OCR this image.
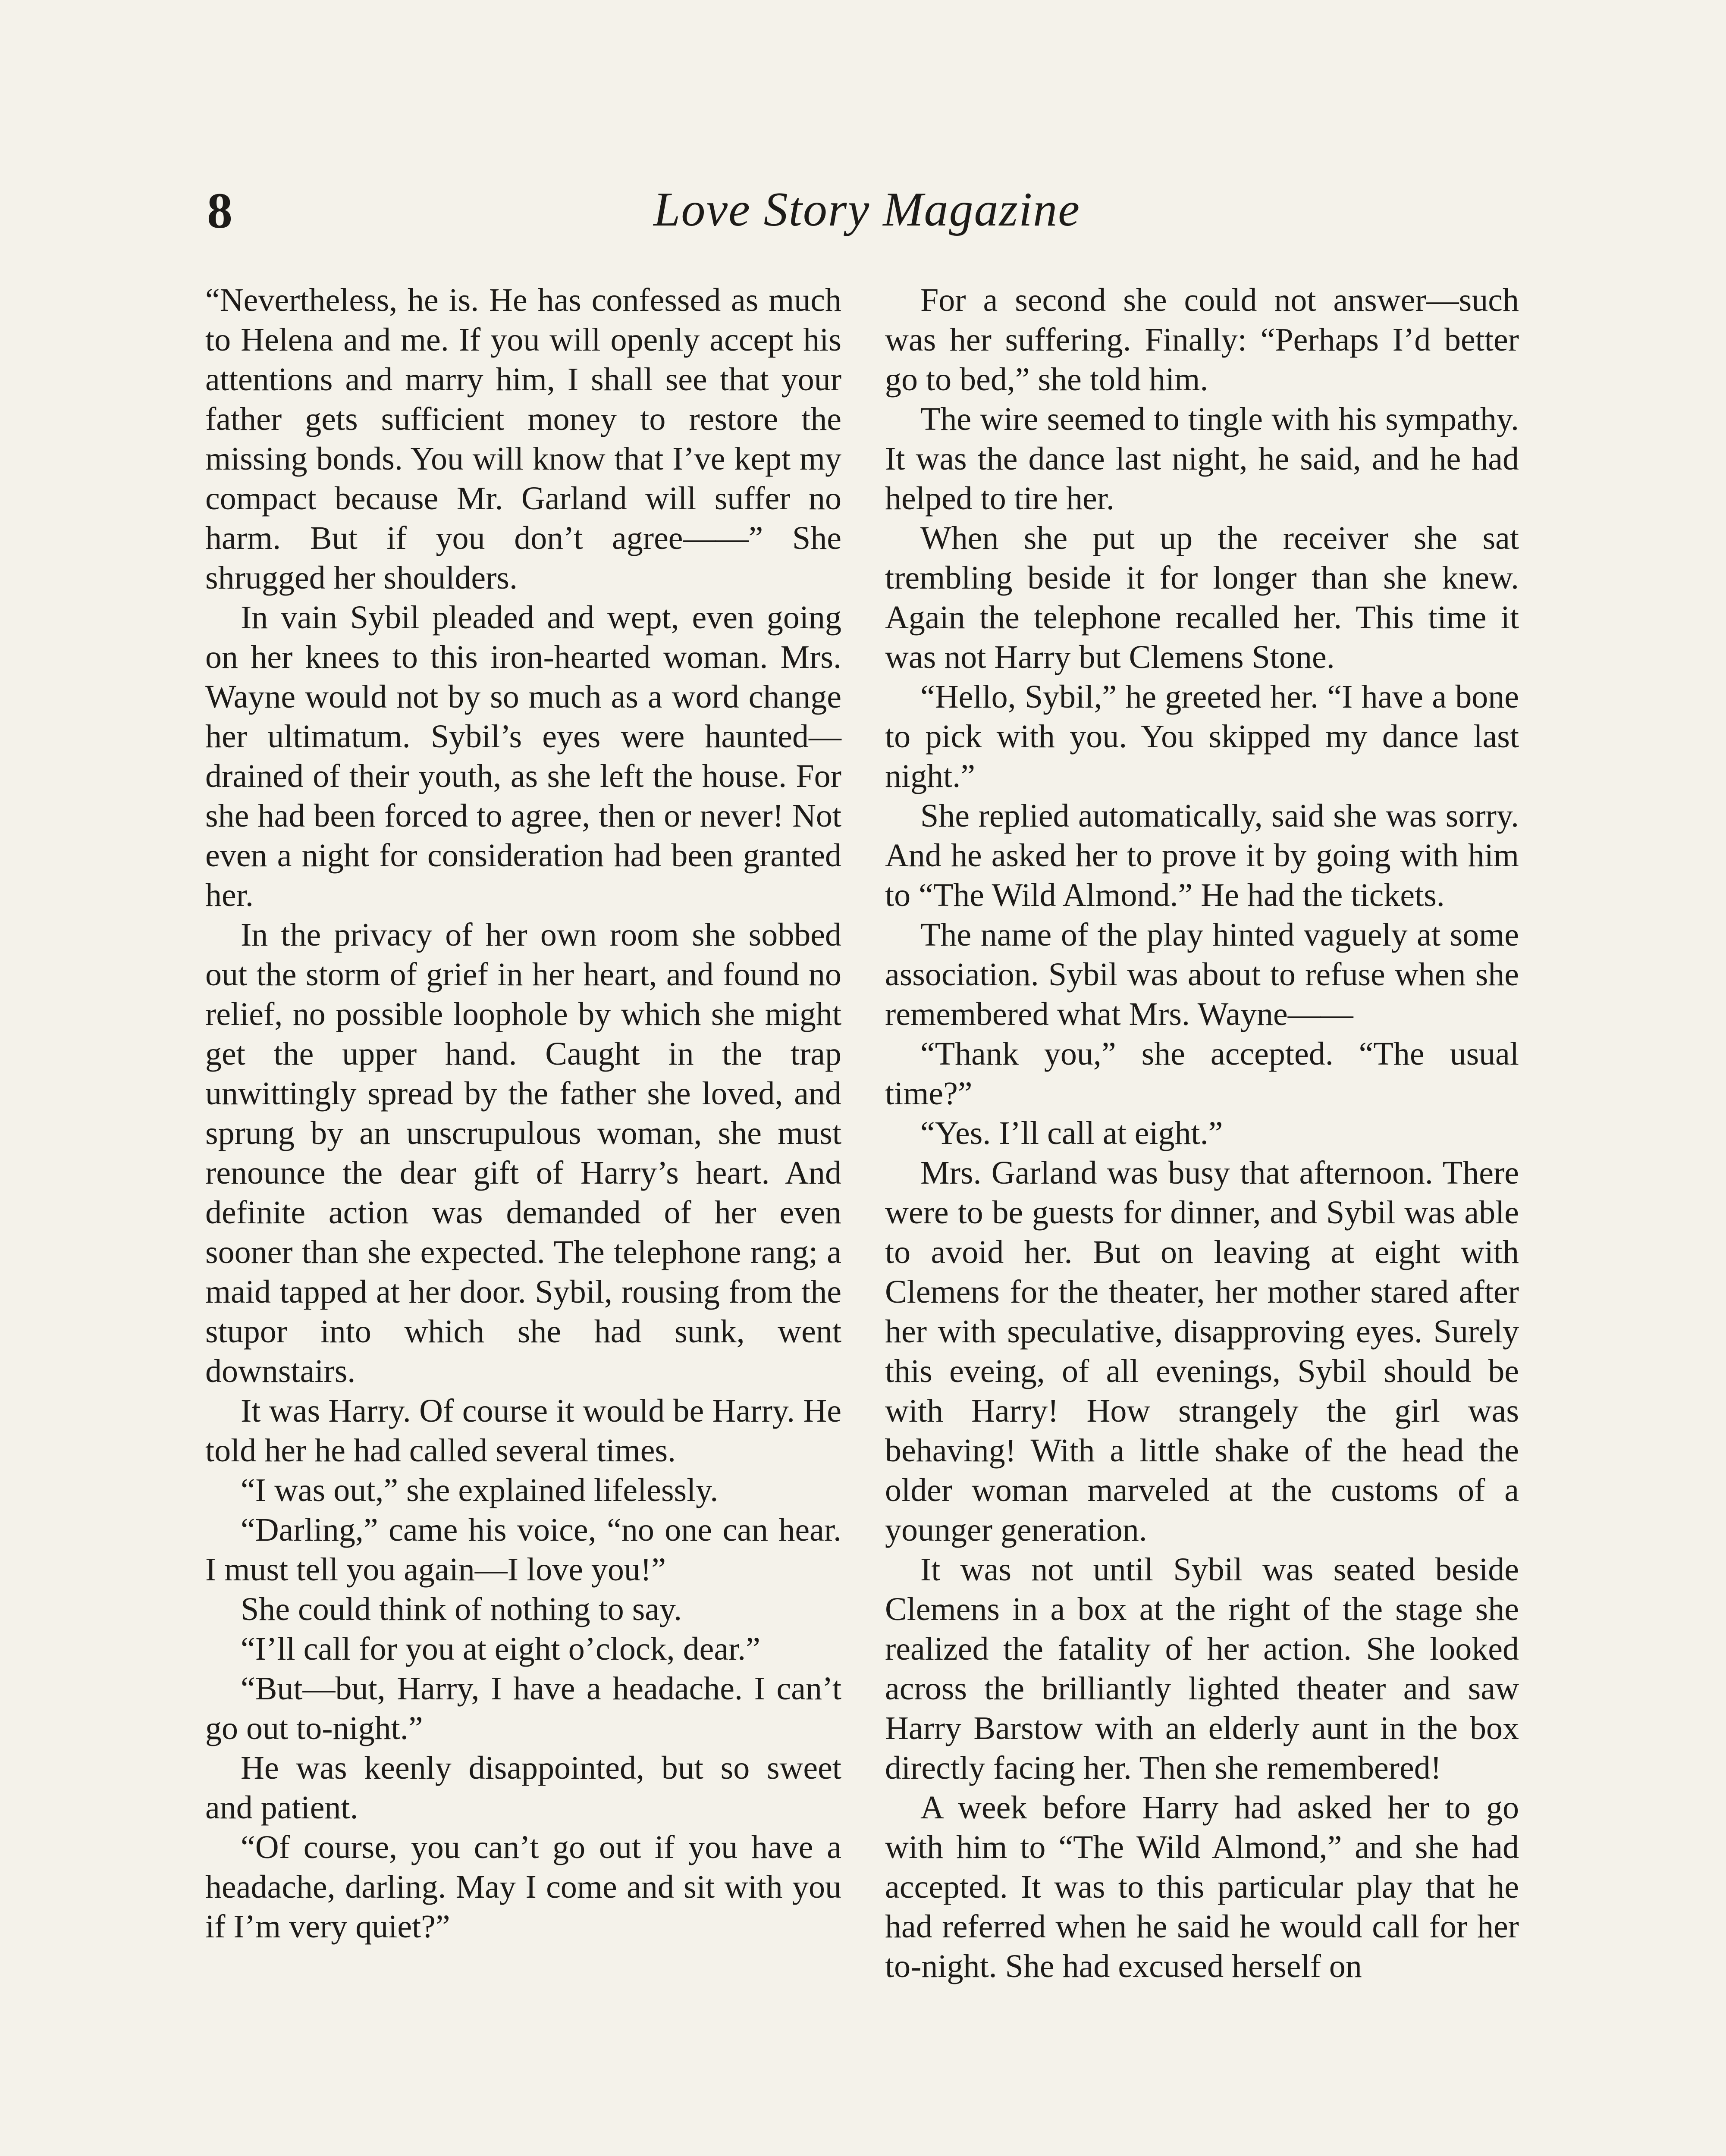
8	Love Story Magazine

“Nevertheless, he is. He has confessed as much to Helena and me. If you will openly accept his attentions and marry him, I shall see that your father gets sufficient money to restore the missing bonds. You will know that I’ve kept my compact because Mr. Garland will suffer no harm. But if you don’t agree——” She shrugged her shoulders.

In vain Sybil pleaded and wept, even going on her knees to this iron-hearted woman. Mrs. Wayne would not by so much as a word change her ultimatum. Sybil’s eyes were haunted—drained of their youth, as she left the house. For she had been forced to agree, then or never! Not even a night for consideration had been granted her.

In the privacy of her own room she sobbed out the storm of grief in her heart, and found no relief, no possible loophole by which she might get the upper hand. Caught in the trap unwittingly spread by the father she loved, and sprung by an unscrupulous woman, she must renounce the dear gift of Harry’s heart. And definite action was demanded of her even sooner than she expected. The telephone rang; a maid tapped at her door. Sybil, rousing from the stupor into which she had sunk, went downstairs.

It was Harry. Of course it would be Harry. He told her he had called several times.

“I was out,” she explained lifelessly.

“Darling,” came his voice, “no one can hear. I must tell you again—I love you!”

She could think of nothing to say.

“I’ll call for you at eight o’clock, dear.”

“But—but, Harry, I have a headache. I can’t go out to-night.”

He was keenly disappointed, but so sweet and patient.

“Of course, you can’t go out if you have a headache, darling. May I come and sit with you if I’m very quiet?”

For a second she could not answer—such was her suffering. Finally: “Perhaps I’d better go to bed,” she told him.

The wire seemed to tingle with his sympathy. It was the dance last night, he said, and he had helped to tire her.

When she put up the receiver she sat trembling beside it for longer than she knew. Again the telephone recalled her. This time it was not Harry but Clemens Stone.

“Hello, Sybil,” he greeted her. “I have a bone to pick with you. You skipped my dance last night.”

She replied automatically, said she was sorry. And he asked her to prove it by going with him to “The Wild Almond.” He had the tickets.

The name of the play hinted vaguely at some association. Sybil was about to refuse when she remembered what Mrs. Wayne——

“Thank you,” she accepted. “The usual time?”

“Yes. I’ll call at eight.”

Mrs. Garland was busy that afternoon. There were to be guests for dinner, and Sybil was able to avoid her. But on leaving at eight with Clemens for the theater, her mother stared after her with speculative, disapproving eyes. Surely this eveing, of all evenings, Sybil should be with Harry! How strangely the girl was behaving! With a little shake of the head the older woman marveled at the customs of a younger generation.

It was not until Sybil was seated beside Clemens in a box at the right of the stage she realized the fatality of her action. She looked across the brilliantly lighted theater and saw Harry Barstow with an elderly aunt in the box directly facing her. Then she remembered!

A week before Harry had asked her to go with him to “The Wild Almond,” and she had accepted. It was to this particular play that he had referred when he said he would call for her to-night. She had excused herself on
